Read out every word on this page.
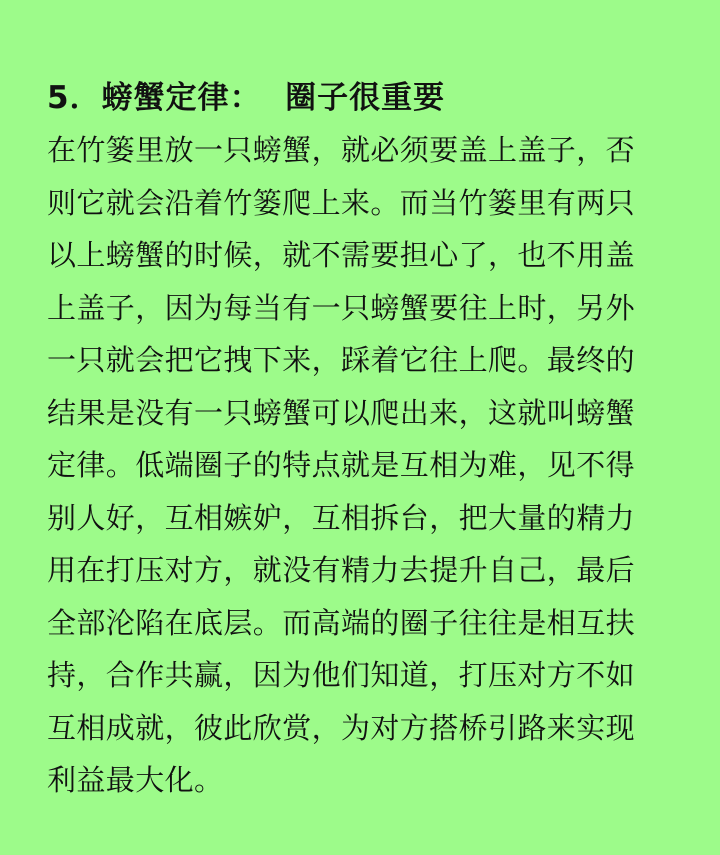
5．螃蟹定律：  圈子很重要
在竹篓里放一只螃蟹，就必须要盖上盖子，否
则它就会沿着竹篓爬上来。而当竹篓里有两只
以上螃蟹的时候，就不需要担心了，也不用盖
上盖子，因为每当有一只螃蟹要往上时，另外
一只就会把它拽下来，踩着它往上爬。最终的
结果是没有一只螃蟹可以爬出来，这就叫螃蟹
定律。低端圈子的特点就是互相为难，见不得
别人好，互相嫉妒，互相拆台，把大量的精力
用在打压对方，就没有精力去提升自己，最后
全部沦陷在底层。而高端的圈子往往是相互扶
持，合作共赢，因为他们知道，打压对方不如
互相成就，彼此欣赏，为对方搭桥引路来实现
利益最大化。
